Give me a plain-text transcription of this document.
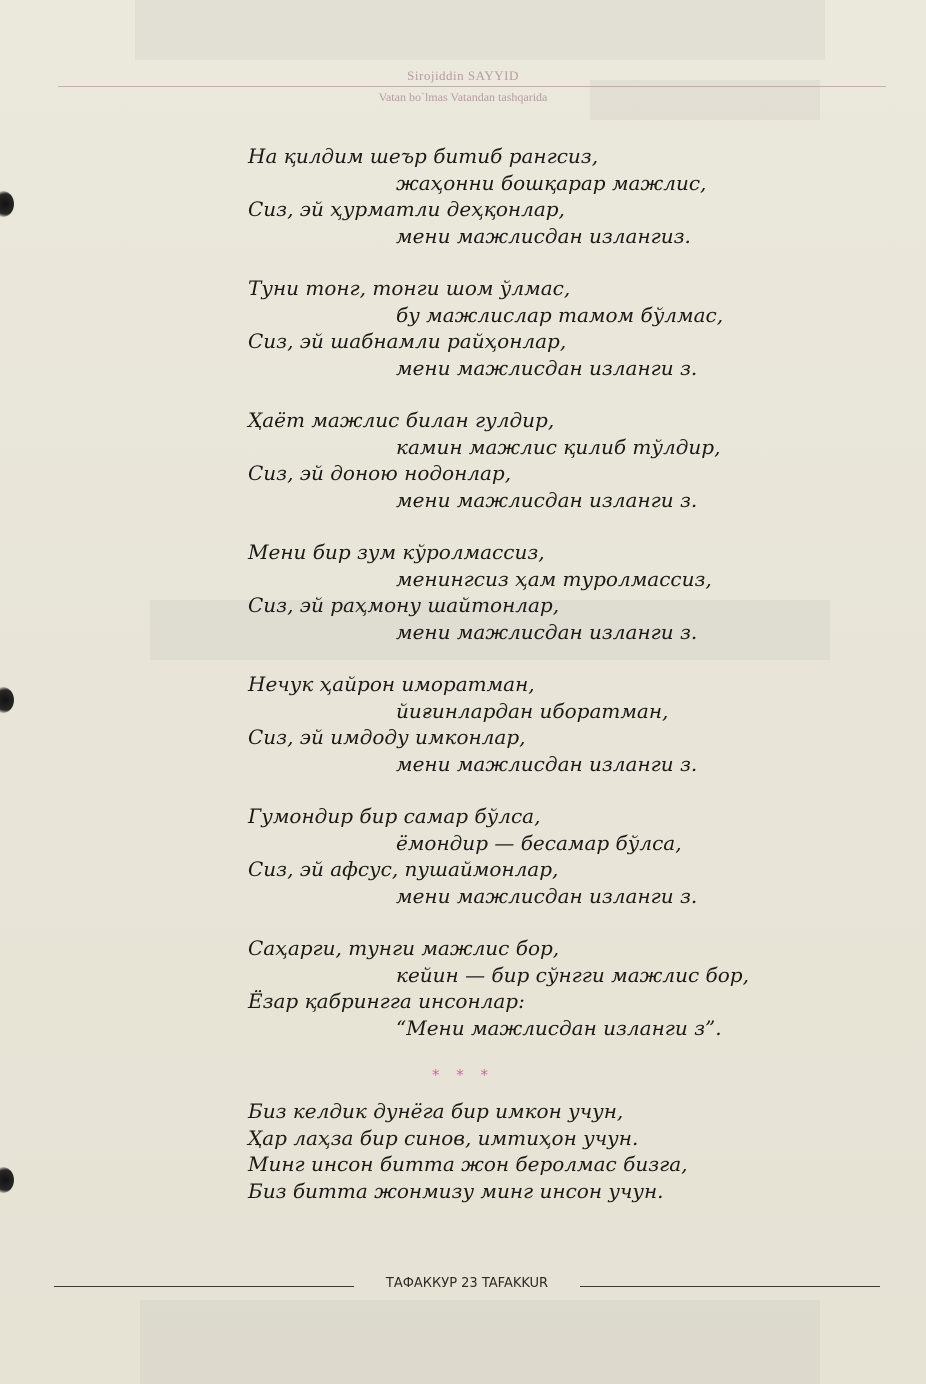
Sirojiddin SAYYID
Vatan bo`lmas Vatandan tashqarida
На қилдим шеър битиб рангсиз,
жаҳонни бошқарар мажлис,
Сиз, эй ҳурматли деҳқонлар,
мени мажлисдан излангиз.
Туни тонг, тонги шом ўлмас,
бу мажлислар тамом бўлмас,
Сиз, эй шабнамли райҳонлар,
мени мажлисдан изланги з.
Ҳаёт мажлис билан гулдир,
камин мажлис қилиб тўлдир,
Сиз, эй доною нодонлар,
мени мажлисдан изланги з.
Мени бир зум кўролмассиз,
менингсиз ҳам туролмассиз,
Сиз, эй раҳмону шайтонлар,
мени мажлисдан изланги з.
Нечук ҳайрон иморатман,
йиғинлардан иборатман,
Сиз, эй имдоду имконлар,
мени мажлисдан изланги з.
Гумондир бир самар бўлса,
ёмондир — бесамар бўлса,
Сиз, эй афсус, пушаймонлар,
мени мажлисдан изланги з.
Саҳарги, тунги мажлис бор,
кейин — бир сўнгги мажлис бор,
Ёзар қабрингга инсонлар:
“Мени мажлисдан изланги з”.
* * *
Биз келдик дунёга бир имкон учун,
Ҳар лаҳза бир синов, имтиҳон учун.
Минг инсон битта жон беролмас бизга,
Биз битта жонмизу минг инсон учун.
ТАФАККУР 23 TAFAKKUR
